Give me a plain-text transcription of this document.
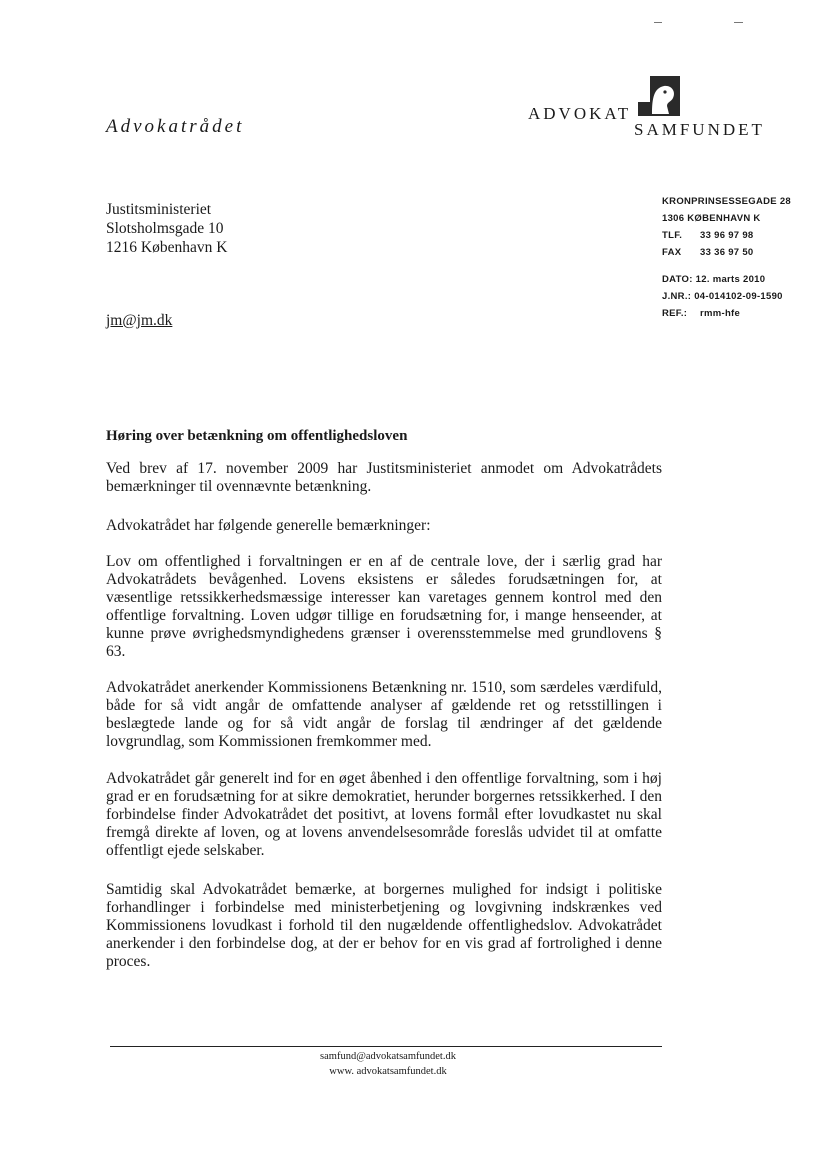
Advokatrådet
ADVOKAT
SAMFUNDET
Justitsministeriet
Slotsholmsgade 10
1216 København K
jm@jm.dk
KRONPRINSESSEGADE 28
1306 KØBENHAVN K
TLF. 33 96 97 98
FAX 33 36 97 50
DATO: 12. marts 2010
J.NR.: 04-014102-09-1590
REF.: rmm-hfe
Høring over betænkning om offentlighedsloven
Ved brev af 17. november 2009 har Justitsministeriet anmodet om Advokatrådets bemærkninger til ovennævnte betænkning.
Advokatrådet har følgende generelle bemærkninger:
Lov om offentlighed i forvaltningen er en af de centrale love, der i særlig grad har Advokatrådets bevågenhed. Lovens eksistens er således forudsætningen for, at væsentlige retssikkerhedsmæssige interesser kan varetages gennem kontrol med den offentlige forvaltning. Loven udgør tillige en forudsætning for, i mange henseender, at kunne prøve øvrighedsmyndighedens grænser i overensstemmelse med grundlovens § 63.
Advokatrådet anerkender Kommissionens Betænkning nr. 1510, som særdeles værdifuld, både for så vidt angår de omfattende analyser af gældende ret og retsstillingen i beslægtede lande og for så vidt angår de forslag til ændringer af det gældende lovgrundlag, som Kommissionen fremkommer med.
Advokatrådet går generelt ind for en øget åbenhed i den offentlige forvaltning, som i høj grad er en forudsætning for at sikre demokratiet, herunder borgernes retssikkerhed. I den forbindelse finder Advokatrådet det positivt, at lovens formål efter lovudkastet nu skal fremgå direkte af loven, og at lovens anvendelsesområde foreslås udvidet til at omfatte offentligt ejede selskaber.
Samtidig skal Advokatrådet bemærke, at borgernes mulighed for indsigt i politiske forhandlinger i forbindelse med ministerbetjening og lovgivning indskrænkes ved Kommissionens lovudkast i forhold til den nugældende offentlighedslov. Advokatrådet anerkender i den forbindelse dog, at der er behov for en vis grad af fortrolighed i denne proces.
samfund@advokatsamfundet.dk
www. advokatsamfundet.dk
